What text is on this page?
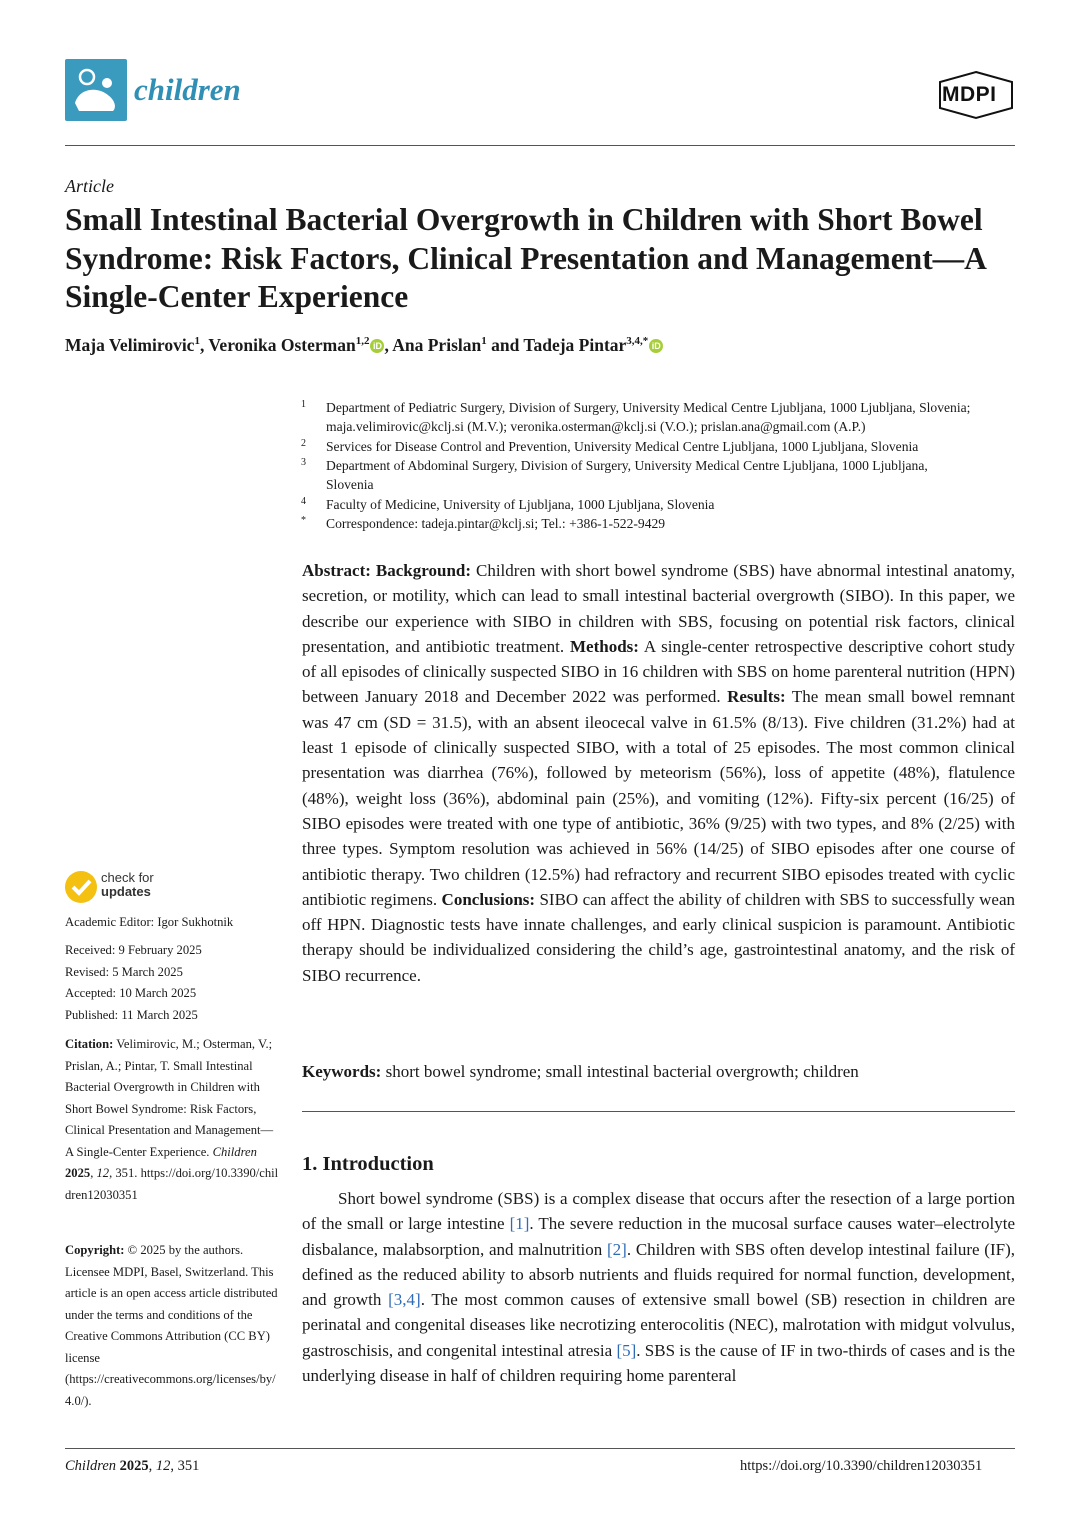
children	MDPI
Article
Small Intestinal Bacterial Overgrowth in Children with Short Bowel Syndrome: Risk Factors, Clinical Presentation and Management—A Single-Center Experience
Maja Velimirovic$^1$, Veronika Osterman$^{1,2}$ iD , Ana Prislan$^1$ and Tadeja Pintar$^{3,4,*}$ iD
1 Department of Pediatric Surgery, Division of Surgery, University Medical Centre Ljubljana, 1000 Ljubljana, Slovenia; maja.velimirovic@kclj.si (M.V.); veronika.osterman@kclj.si (V.O.); prislan.ana@gmail.com (A.P.)
2 Services for Disease Control and Prevention, University Medical Centre Ljubljana, 1000 Ljubljana, Slovenia
3 Department of Abdominal Surgery, Division of Surgery, University Medical Centre Ljubljana, 1000 Ljubljana, Slovenia
4 Faculty of Medicine, University of Ljubljana, 1000 Ljubljana, Slovenia
* Correspondence: tadeja.pintar@kclj.si; Tel.: +386-1-522-9429
Abstract: Background: Children with short bowel syndrome (SBS) have abnormal intestinal anatomy, secretion, or motility, which can lead to small intestinal bacterial overgrowth (SIBO). In this paper, we describe our experience with SIBO in children with SBS, focusing on potential risk factors, clinical presentation, and antibiotic treatment. Methods: A single-center retrospective descriptive cohort study of all episodes of clinically suspected SIBO in 16 children with SBS on home parenteral nutrition (HPN) between January 2018 and December 2022 was performed. Results: The mean small bowel remnant was 47 cm (SD = 31.5), with an absent ileocecal valve in 61.5% (8/13). Five children (31.2%) had at least 1 episode of clinically suspected SIBO, with a total of 25 episodes. The most common clinical presentation was diarrhea (76%), followed by meteorism (56%), loss of appetite (48%), flatulence (48%), weight loss (36%), abdominal pain (25%), and vomiting (12%). Fifty-six percent (16/25) of SIBO episodes were treated with one type of antibiotic, 36% (9/25) with two types, and 8% (2/25) with three types. Symptom resolution was achieved in 56% (14/25) of SIBO episodes after one course of antibiotic therapy. Two children (12.5%) had refractory and recurrent SIBO episodes treated with cyclic antibiotic regimens. Conclusions: SIBO can affect the ability of children with SBS to successfully wean off HPN. Diagnostic tests have innate challenges, and early clinical suspicion is paramount. Antibiotic therapy should be individualized considering the child’s age, gastrointestinal anatomy, and the risk of SIBO recurrence.
Keywords: short bowel syndrome; small intestinal bacterial overgrowth; children
check for
updates
Academic Editor: Igor Sukhotnik
Received: 9 February 2025
Revised: 5 March 2025
Accepted: 10 March 2025
Published: 11 March 2025
Citation: Velimirovic, M.; Osterman, V.; Prislan, A.; Pintar, T. Small Intestinal Bacterial Overgrowth in Children with Short Bowel Syndrome: Risk Factors, Clinical Presentation and Management—A Single-Center Experience. Children 2025, 12, 351. https://doi.org/10.3390/children12030351
Copyright: © 2025 by the authors. Licensee MDPI, Basel, Switzerland. This article is an open access article distributed under the terms and conditions of the Creative Commons Attribution (CC BY) license (https://creativecommons.org/licenses/by/4.0/).
1. Introduction
Short bowel syndrome (SBS) is a complex disease that occurs after the resection of a large portion of the small or large intestine [1]. The severe reduction in the mucosal surface causes water–electrolyte disbalance, malabsorption, and malnutrition [2]. Children with SBS often develop intestinal failure (IF), defined as the reduced ability to absorb nutrients and fluids required for normal function, development, and growth [3,4]. The most common causes of extensive small bowel (SB) resection in children are perinatal and congenital diseases like necrotizing enterocolitis (NEC), malrotation with midgut volvulus, gastroschisis, and congenital intestinal atresia [5]. SBS is the cause of IF in two-thirds of cases and is the underlying disease in half of children requiring home parenteral
Children 2025, 12, 351	https://doi.org/10.3390/children12030351
